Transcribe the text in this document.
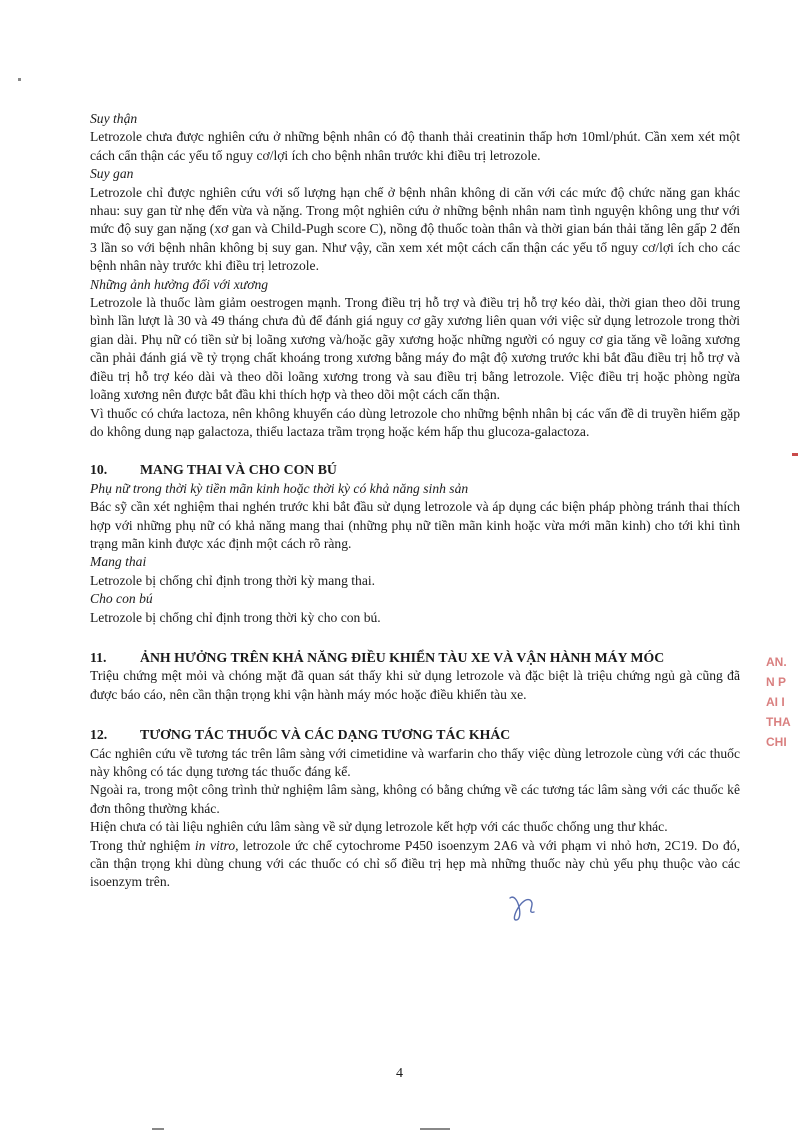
Suy thận

Letrozole chưa được nghiên cứu ở những bệnh nhân có độ thanh thải creatinin thấp hơn 10ml/phút. Cần xem xét một cách cẩn thận các yếu tố nguy cơ/lợi ích cho bệnh nhân trước khi điều trị letrozole.

Suy gan

Letrozole chỉ được nghiên cứu với số lượng hạn chế ở bệnh nhân không di căn với các mức độ chức năng gan khác nhau: suy gan từ nhẹ đến vừa và nặng. Trong một nghiên cứu ở những bệnh nhân nam tình nguyện không ung thư với mức độ suy gan nặng (xơ gan và Child-Pugh score C), nồng độ thuốc toàn thân và thời gian bán thải tăng lên gấp 2 đến 3 lần so với bệnh nhân không bị suy gan. Như vậy, cần xem xét một cách cẩn thận các yếu tố nguy cơ/lợi ích cho các bệnh nhân này trước khi điều trị letrozole.

Những ảnh hưởng đối với xương

Letrozole là thuốc làm giảm oestrogen mạnh. Trong điều trị hỗ trợ và điều trị hỗ trợ kéo dài, thời gian theo dõi trung bình lần lượt là 30 và 49 tháng chưa đủ để đánh giá nguy cơ gãy xương liên quan với việc sử dụng letrozole trong thời gian dài. Phụ nữ có tiền sử bị loãng xương và/hoặc gãy xương hoặc những người có nguy cơ gia tăng về loãng xương cần phải đánh giá về tỷ trọng chất khoáng trong xương bằng máy đo mật độ xương trước khi bắt đầu điều trị hỗ trợ và điều trị hỗ trợ kéo dài và theo dõi loãng xương trong và sau điều trị bằng letrozole. Việc điều trị hoặc phòng ngừa loãng xương nên được bắt đầu khi thích hợp và theo dõi một cách cẩn thận.

Vì thuốc có chứa lactoza, nên không khuyến cáo dùng letrozole cho những bệnh nhân bị các vấn đề di truyền hiếm gặp do không dung nạp galactoza, thiếu lactaza trầm trọng hoặc kém hấp thu glucoza-galactoza.

10.	MANG THAI VÀ CHO CON BÚ

Phụ nữ trong thời kỳ tiền mãn kinh hoặc thời kỳ có khả năng sinh sản

Bác sỹ cần xét nghiệm thai nghén trước khi bắt đầu sử dụng letrozole và áp dụng các biện pháp phòng tránh thai thích hợp với những phụ nữ có khả năng mang thai (những phụ nữ tiền mãn kinh hoặc vừa mới mãn kinh) cho tới khi tình trạng mãn kinh được xác định một cách rõ ràng.

Mang thai

Letrozole bị chống chỉ định trong thời kỳ mang thai.

Cho con bú

Letrozole bị chống chỉ định trong thời kỳ cho con bú.

11.	ẢNH HƯỞNG TRÊN KHẢ NĂNG ĐIỀU KHIỂN TÀU XE VÀ VẬN HÀNH MÁY MÓC

Triệu chứng mệt mỏi và chóng mặt đã quan sát thấy khi sử dụng letrozole và đặc biệt là triệu chứng ngủ gà cũng đã được báo cáo, nên cần thận trọng khi vận hành máy móc hoặc điều khiển tàu xe.

12.	TƯƠNG TÁC THUỐC VÀ CÁC DẠNG TƯƠNG TÁC KHÁC

Các nghiên cứu về tương tác trên lâm sàng với cimetidine và warfarin cho thấy việc dùng letrozole cùng với các thuốc này không có tác dụng tương tác thuốc đáng kể.

Ngoài ra, trong một công trình thử nghiệm lâm sàng, không có bằng chứng về các tương tác lâm sàng với các thuốc kê đơn thông thường khác.

Hiện chưa có tài liệu nghiên cứu lâm sàng về sử dụng letrozole kết hợp với các thuốc chống ung thư khác.

Trong thử nghiệm in vitro, letrozole ức chế cytochrome P450 isoenzym 2A6 và với phạm vi nhỏ hơn, 2C19. Do đó, cần thận trọng khi dùng chung với các thuốc có chỉ số điều trị hẹp mà những thuốc này chủ yếu phụ thuộc vào các isoenzym trên.

4
AN.
N P
AI I
THA
CHI
